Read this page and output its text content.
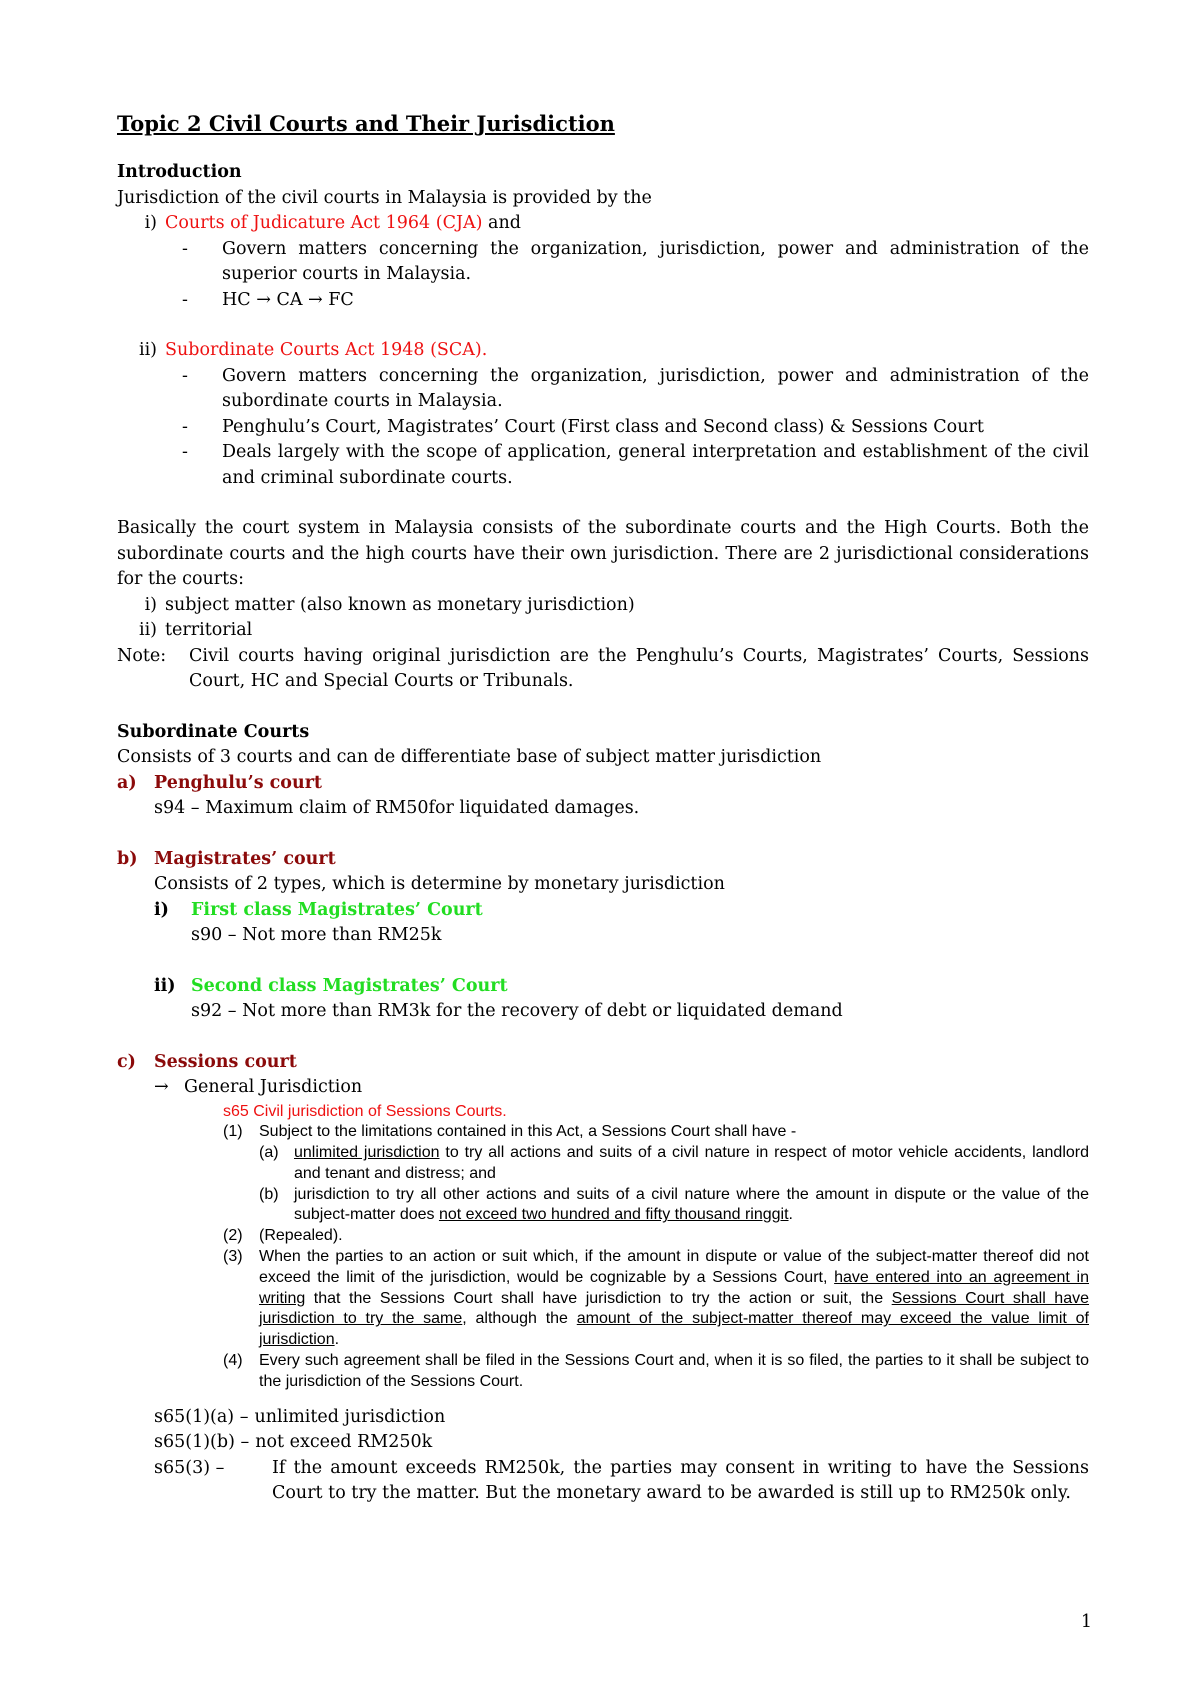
Topic 2 Civil Courts and Their Jurisdiction
Introduction
Jurisdiction of the civil courts in Malaysia is provided by the
i) Courts of Judicature Act 1964 (CJA) and
-	Govern matters concerning the organization, jurisdiction, power and administration of the superior courts in Malaysia.
-	HC → CA → FC
ii) Subordinate Courts Act 1948 (SCA).
-	Govern matters concerning the organization, jurisdiction, power and administration of the subordinate courts in Malaysia.
-	Penghulu’s Court, Magistrates’ Court (First class and Second class) & Sessions Court
-	Deals largely with the scope of application, general interpretation and establishment of the civil and criminal subordinate courts.
Basically the court system in Malaysia consists of the subordinate courts and the High Courts. Both the subordinate courts and the high courts have their own jurisdiction. There are 2 jurisdictional considerations for the courts:
i) subject matter (also known as monetary jurisdiction)
ii) territorial
Note:	Civil courts having original jurisdiction are the Penghulu’s Courts, Magistrates’ Courts, Sessions Court, HC and Special Courts or Tribunals.
Subordinate Courts
Consists of 3 courts and can de differentiate base of subject matter jurisdiction
a) Penghulu’s court
s94 – Maximum claim of RM50for liquidated damages.
b) Magistrates’ court
Consists of 2 types, which is determine by monetary jurisdiction
i)	First class Magistrates’ Court
s90 – Not more than RM25k
ii) Second class Magistrates’ Court
s92 – Not more than RM3k for the recovery of debt or liquidated demand
c)	Sessions court
→ General Jurisdiction
s65 Civil jurisdiction of Sessions Courts.
(1)	Subject to the limitations contained in this Act, a Sessions Court shall have -
(a) unlimited jurisdiction to try all actions and suits of a civil nature in respect of motor vehicle accidents, landlord and tenant and distress; and
(b) jurisdiction to try all other actions and suits of a civil nature where the amount in dispute or the value of the subject-matter does not exceed two hundred and fifty thousand ringgit.
(2)	(Repealed).
(3)	When the parties to an action or suit which, if the amount in dispute or value of the subject-matter thereof did not exceed the limit of the jurisdiction, would be cognizable by a Sessions Court, have entered into an agreement in writing that the Sessions Court shall have jurisdiction to try the action or suit, the Sessions Court shall have jurisdiction to try the same, although the amount of the subject-matter thereof may exceed the value limit of jurisdiction.
(4)	Every such agreement shall be filed in the Sessions Court and, when it is so filed, the parties to it shall be subject to the jurisdiction of the Sessions Court.
s65(1)(a) – unlimited jurisdiction
s65(1)(b) – not exceed RM250k
s65(3) –	If the amount exceeds RM250k, the parties may consent in writing to have the Sessions Court to try the matter. But the monetary award to be awarded is still up to RM250k only.
1
